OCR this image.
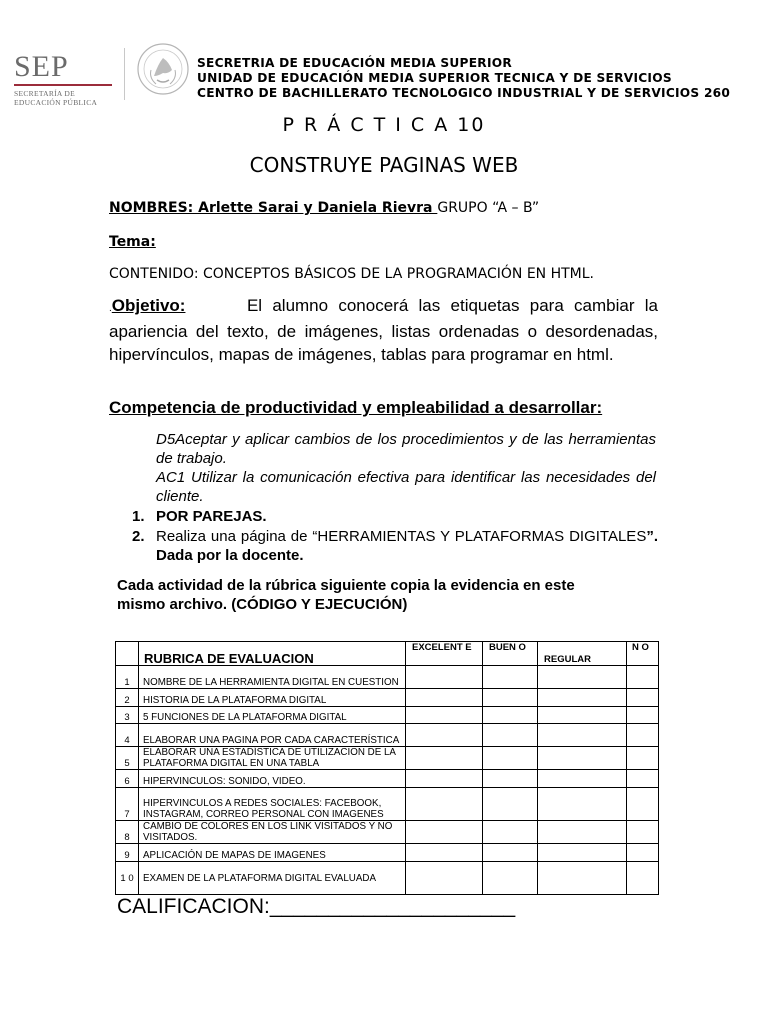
SEP
SECRETARÍA DE
EDUCACIÓN PÚBLICA
SECRETRIA DE EDUCACIÓN MEDIA SUPERIOR
UNIDAD DE EDUCACIÓN MEDIA SUPERIOR TECNICA Y DE SERVICIOS
CENTRO DE BACHILLERATO TECNOLOGICO INDUSTRIAL Y DE SERVICIOS 260
P R Á C T I C A 10
CONSTRUYE PAGINAS WEB
NOMBRES: Arlette Sarai y Daniela Rievra GRUPO “A – B”
Tema:
CONTENIDO: CONCEPTOS BÁSICOS DE LA PROGRAMACIÓN EN HTML.
.Objetivo:	El alumno conocerá las etiquetas para cambiar la apariencia del texto, de imágenes, listas ordenadas o desordenadas, hipervínculos, mapas de imágenes, tablas para programar en html.
Competencia de productividad y empleabilidad a desarrollar:
D5Aceptar y aplicar cambios de los procedimientos y de las herramientas de trabajo.
AC1 Utilizar la comunicación efectiva para identificar las necesidades del cliente.
1. POR PAREJAS.
2. Realiza una página de “HERRAMIENTAS Y PLATAFORMAS DIGITALES”. Dada por la docente.
Cada actividad de la rúbrica siguiente copia la evidencia en este mismo archivo. (CÓDIGO Y EJECUCIÓN)
	RUBRICA DE EVALUACION	EXCELENT E	BUEN O	REGULAR	N O
1	NOMBRE DE LA HERRAMIENTA DIGITAL EN CUESTION				
2	HISTORIA DE LA PLATAFORMA DIGITAL				
3	5 FUNCIONES DE LA PLATAFORMA DIGITAL				
4	ELABORAR UNA PAGINA POR CADA CARACTERÍSTICA				
5	ELABORAR UNA ESTADÍSTICA DE UTILIZACION DE LA PLATAFORMA DIGITAL EN UNA TABLA				
6	HIPERVINCULOS: SONIDO, VIDEO.				
7	HIPERVINCULOS A REDES SOCIALES: FACEBOOK, INSTAGRAM, CORREO PERSONAL CON IMAGENES				
8	CAMBIO DE COLORES EN LOS LINK VISITADOS Y NO VISITADOS.				
9	APLICACIÓN DE MAPAS DE IMAGENES				
1 0	EXAMEN DE LA PLATAFORMA DIGITAL EVALUADA				
CALIFICACION:_____________________
